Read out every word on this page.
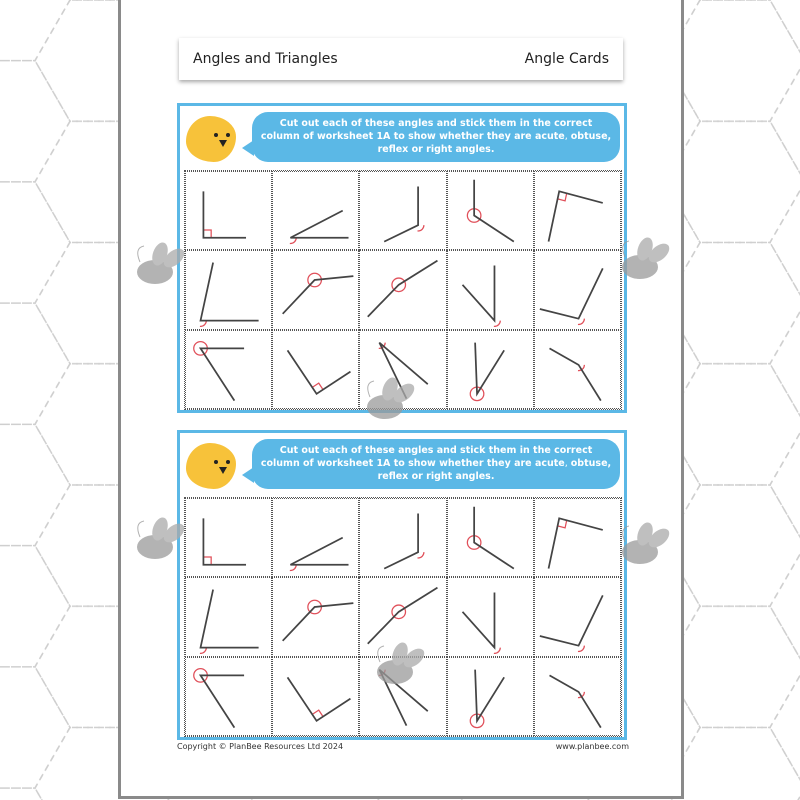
Angles and Triangles	Angle Cards
Cut out each of these angles and stick them in the correct column of worksheet 1A to show whether they are acute, obtuse, reflex or right angles.
Cut out each of these angles and stick them in the correct column of worksheet 1A to show whether they are acute, obtuse, reflex or right angles.
Copyright © PlanBee Resources Ltd 2024	www.planbee.com
